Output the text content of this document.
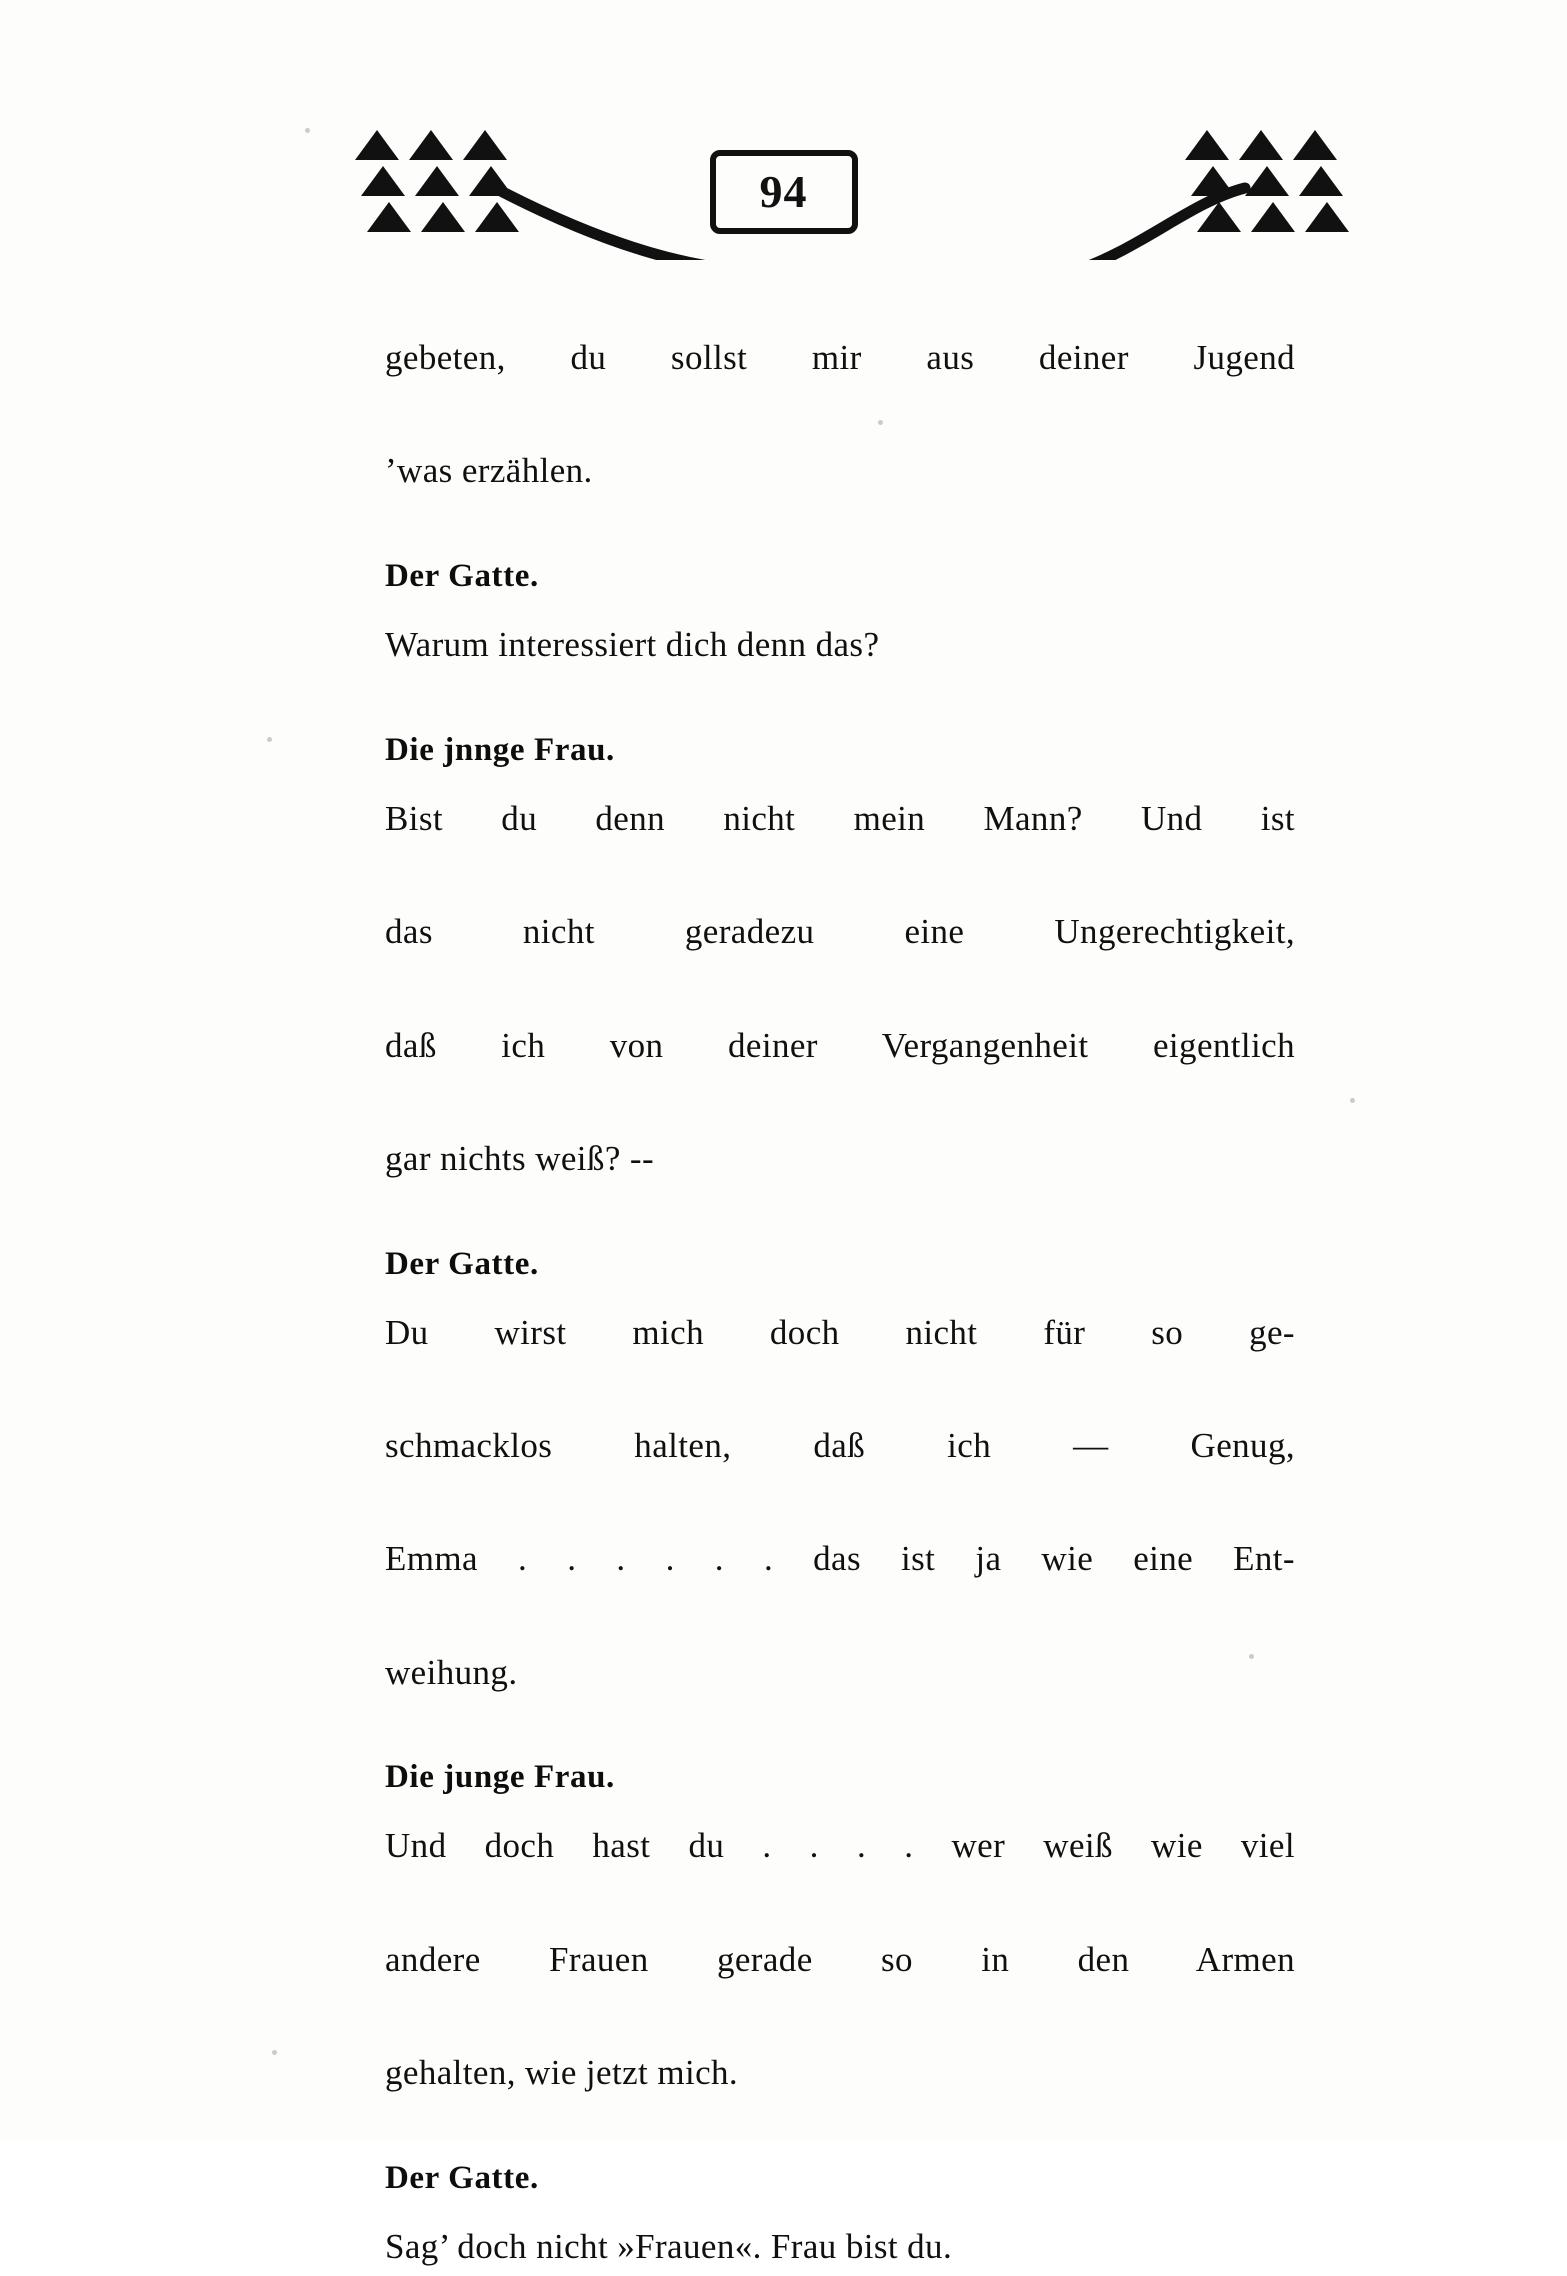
94

gebeten, du sollst mir aus deiner Jugend
’was erzählen.

Der Gatte.

Warum interessiert dich denn das?

Die jnnge Frau.

Bist du denn nicht mein Mann? Und ist
das nicht geradezu eine Ungerechtigkeit,
daß ich von deiner Vergangenheit eigentlich
gar nichts weiß? --

Der Gatte.

Du wirst mich doch nicht für so ge-
schmacklos halten, daß ich — Genug,
Emma . . . . . . das ist ja wie eine Ent-
weihung.

Die junge Frau.

Und doch hast du . . . . wer weiß wie viel
andere Frauen gerade so in den Armen
gehalten, wie jetzt mich.

Der Gatte.

Sag’ doch nicht »Frauen«. Frau bist du.
